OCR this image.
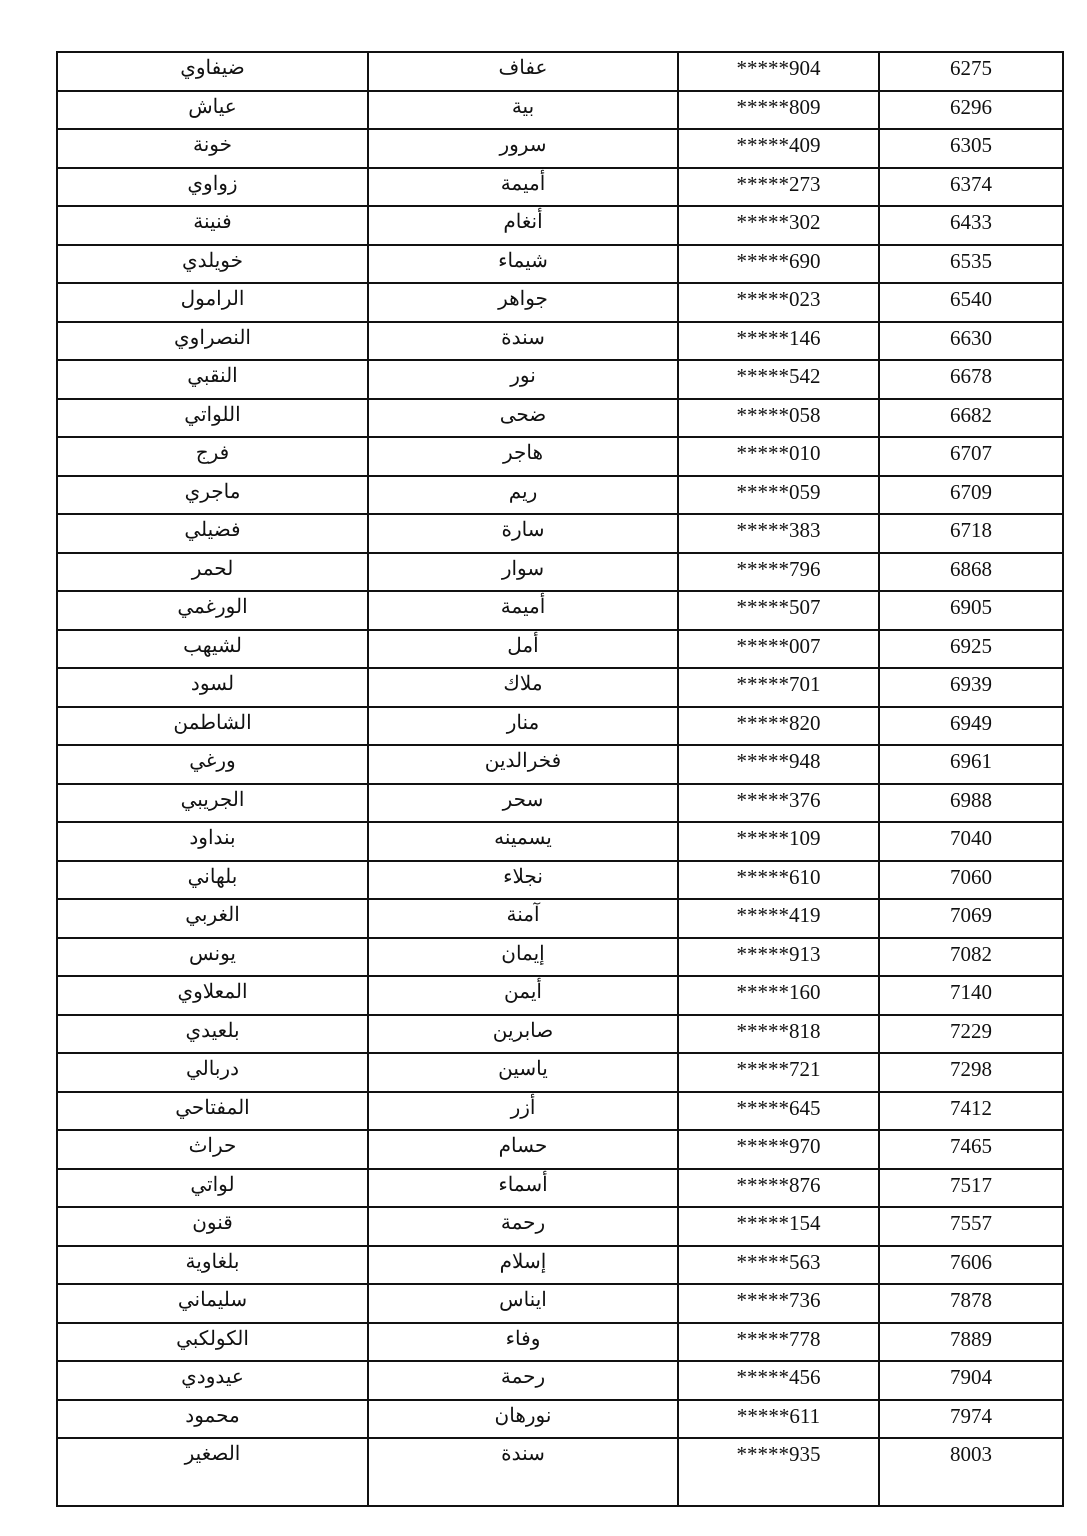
ضيفاوي	عفاف	*****904	6275
عياش	بية	*****809	6296
خونة	سرور	*****409	6305
زواوي	أميمة	*****273	6374
فنينة	أنغام	*****302	6433
خويلدي	شيماء	*****690	6535
الرامول	جواهر	*****023	6540
النصراوي	سندة	*****146	6630
النقبي	نور	*****542	6678
اللواتي	ضحى	*****058	6682
فرج	هاجر	*****010	6707
ماجري	ريم	*****059	6709
فضيلي	سارة	*****383	6718
لحمر	سوار	*****796	6868
الورغمي	أميمة	*****507	6905
لشيهب	أمل	*****007	6925
لسود	ملاك	*****701	6939
الشاطمن	منار	*****820	6949
ورغي	فخرالدين	*****948	6961
الجريبي	سحر	*****376	6988
بنداود	يسمينه	*****109	7040
بلهاني	نجلاء	*****610	7060
الغربي	آمنة	*****419	7069
يونس	إيمان	*****913	7082
المعلاوي	أيمن	*****160	7140
بلعيدي	صابرين	*****818	7229
دربالي	ياسين	*****721	7298
المفتاحي	أزر	*****645	7412
حراث	حسام	*****970	7465
لواتي	أسماء	*****876	7517
قنون	رحمة	*****154	7557
بلغاوية	إسلام	*****563	7606
سليماني	ايناس	*****736	7878
الكولكبي	وفاء	*****778	7889
عيدودي	رحمة	*****456	7904
محمود	نورهان	*****611	7974
الصغير	سندة	*****935	8003
